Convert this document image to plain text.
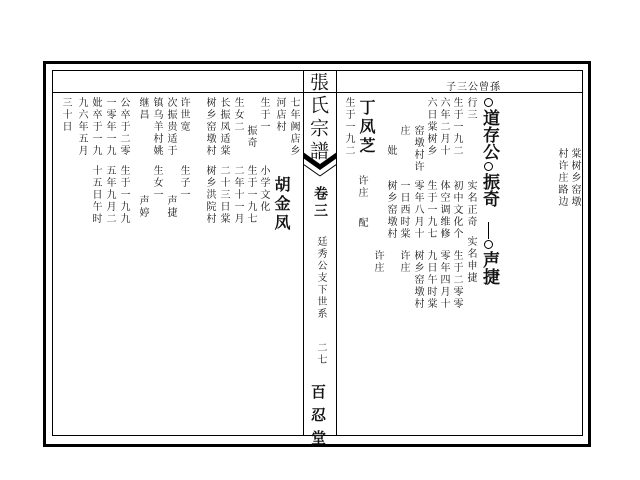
子三公曾孫
張氏宗譜
卷三
廷秀公支下世系
二七
百忍堂
道存公
振奇
声捷
行三
生于一九二
六年二月十
六日棠树乡
窑墩村许
庄
实名正奇
初中文化个
体空调维修
生于一九七
零年八月十
一日西时棠
树乡窑墩村
许庄	实名申捷
生于二零零
零年四月十
九日午时棠
树乡窑墩村
许庄
棠树乡窑墩
村许庄路边
妣
丁凤芝
生于一九二
许庄
配
胡金凤
七年阙店乡
河店村
生于一
振奇
生女二
长振凤适棠
树乡窑墩村
许世宽
次振贵适于
镇乌羊村姚
继昌
公卒于二零
一零年一九
妣卒于一九
九六年五月
三十日
小学文化
生于一九七
二年十一月
二十三日棠
树乡洪院村
生子一
声捷
生女一
声婷
生于一九九
五年九月二
十五日午时
